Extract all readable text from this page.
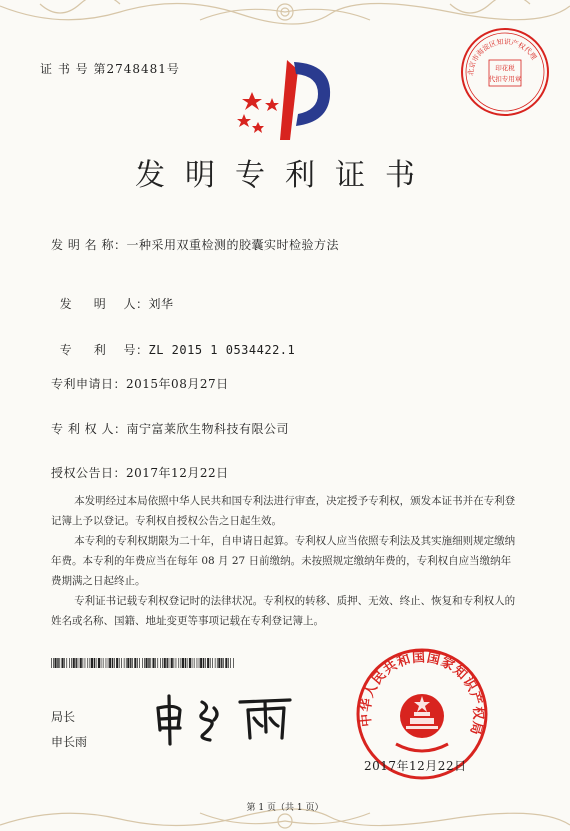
证 书 号 第2748481号	北京市海淀区知识产权代理
印花税
代扣专用章
发明专利证书
发 明 名 称：一种采用双重检测的胶囊实时检验方法

发     明    人：刘华

专     利    号：ZL 2015 1 0534422.1

专利申请日：2015年08月27日
专 利 权 人：南宁富莱欣生物科技有限公司
授权公告日：2017年12月22日

本发明经过本局依照中华人民共和国专利法进行审查，决定授予专利权，颁发本证书并在专利登记簿上予以登记。专利权自授权公告之日起生效。

本专利的专利权期限为二十年，自申请日起算。专利权人应当依照专利法及其实施细则规定缴纳年费。本专利的年费应当在每年 08 月 27 日前缴纳。未按照规定缴纳年费的，专利权自应当缴纳年费期满之日起终止。

专利证书记载专利权登记时的法律状况。专利权的转移、质押、无效、终止、恢复和专利权人的姓名或名称、国籍、地址变更等事项记载在专利登记簿上。

局长
申长雨
中华人民共和国国家知识产权局
2017年12月22日
第 1 页（共 1 页）
